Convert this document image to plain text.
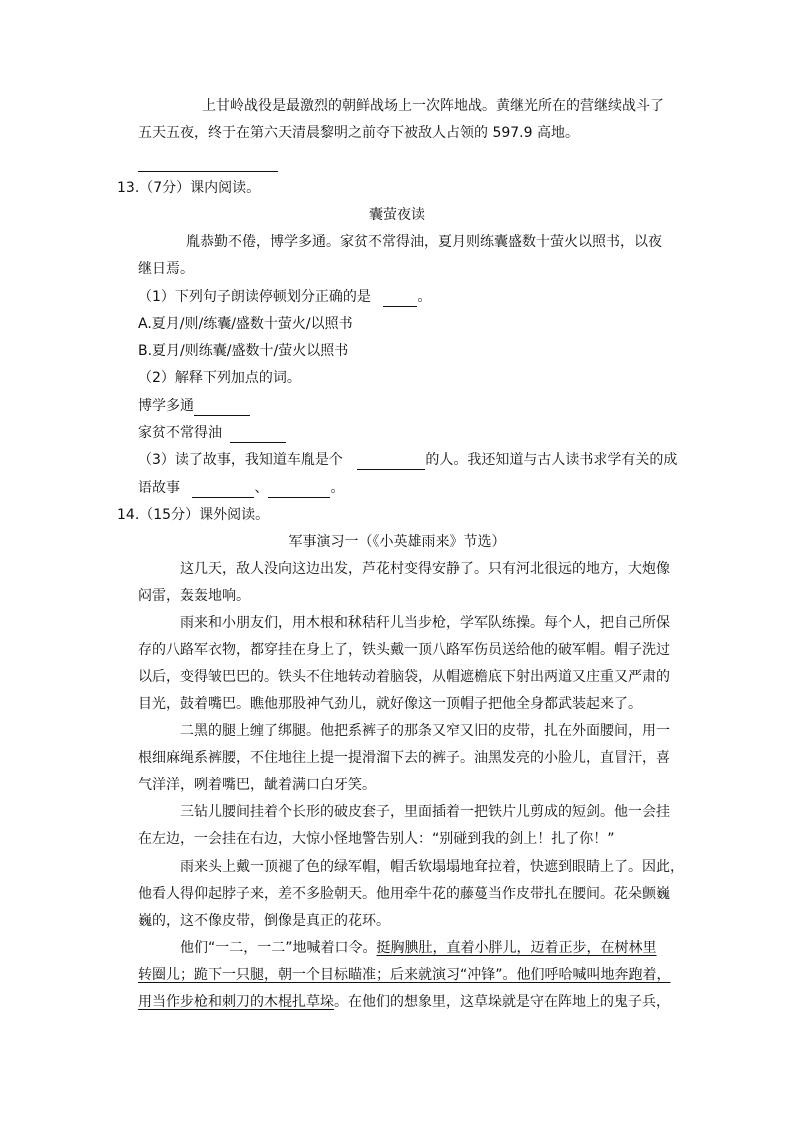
上甘岭战役是最激烈的朝鲜战场上一次阵地战。黄继光所在的营继续战斗了
五天五夜，终于在第六天清晨黎明之前夺下被敌人占领的 597.9 高地。
13.（7分）课内阅读。
囊萤夜读
胤恭勤不倦，博学多通。家贫不常得油，夏月则练囊盛数十萤火以照书，以夜
继日焉。
（1）下列句子朗读停顿划分正确的是	。
A.夏月/则/练囊/盛数十萤火/以照书
B.夏月/则练囊/盛数十/萤火以照书
（2）解释下列加点的词。
博学多通
家贫不常得油
（3）读了故事，我知道车胤是个	的人。我还知道与古人读书求学有关的成
语故事	、	。
14.（15分）课外阅读。
军事演习一（《小英雄雨来》节选）
这几天，敌人没向这边出发，芦花村变得安静了。只有河北很远的地方，大炮像
闷雷，轰轰地响。
雨来和小朋友们，用木根和秫秸秆儿当步枪，学军队练操。每个人，把自己所保
存的八路军衣物，都穿挂在身上了，铁头戴一顶八路军伤员送给他的破军帽。帽子洗过
以后，变得皱巴巴的。铁头不住地转动着脑袋，从帽遮檐底下射出两道又庄重又严肃的
目光，鼓着嘴巴。瞧他那股神气劲儿，就好像这一顶帽子把他全身都武装起来了。
二黑的腿上缠了绑腿。他把系裤子的那条又窄又旧的皮带，扎在外面腰间，用一
根细麻绳系裤腰，不住地往上提一提滑溜下去的裤子。油黑发亮的小脸儿，直冒汗，喜
气洋洋，咧着嘴巴，龇着满口白牙笑。
三钻儿腰间挂着个长形的破皮套子，里面插着一把铁片儿剪成的短剑。他一会挂
在左边，一会挂在右边，大惊小怪地警告别人：“别碰到我的剑上！扎了你！”
雨来头上戴一顶褪了色的绿军帽，帽舌软塌塌地耷拉着，快遮到眼睛上了。因此，
他看人得仰起脖子来，差不多脸朝天。他用牵牛花的藤蔓当作皮带扎在腰间。花朵颤巍
巍的，这不像皮带，倒像是真正的花环。
他们“一二，一二”地喊着口令。挺胸腆肚，直着小胖儿，迈着正步，在树林里
转圈儿；跪下一只腿，朝一个目标瞄准；后来就演习“冲锋”。他们呼哈喊叫地奔跑着，
用当作步枪和刺刀的木棍扎草垛。在他们的想象里，这草垛就是守在阵地上的鬼子兵，
